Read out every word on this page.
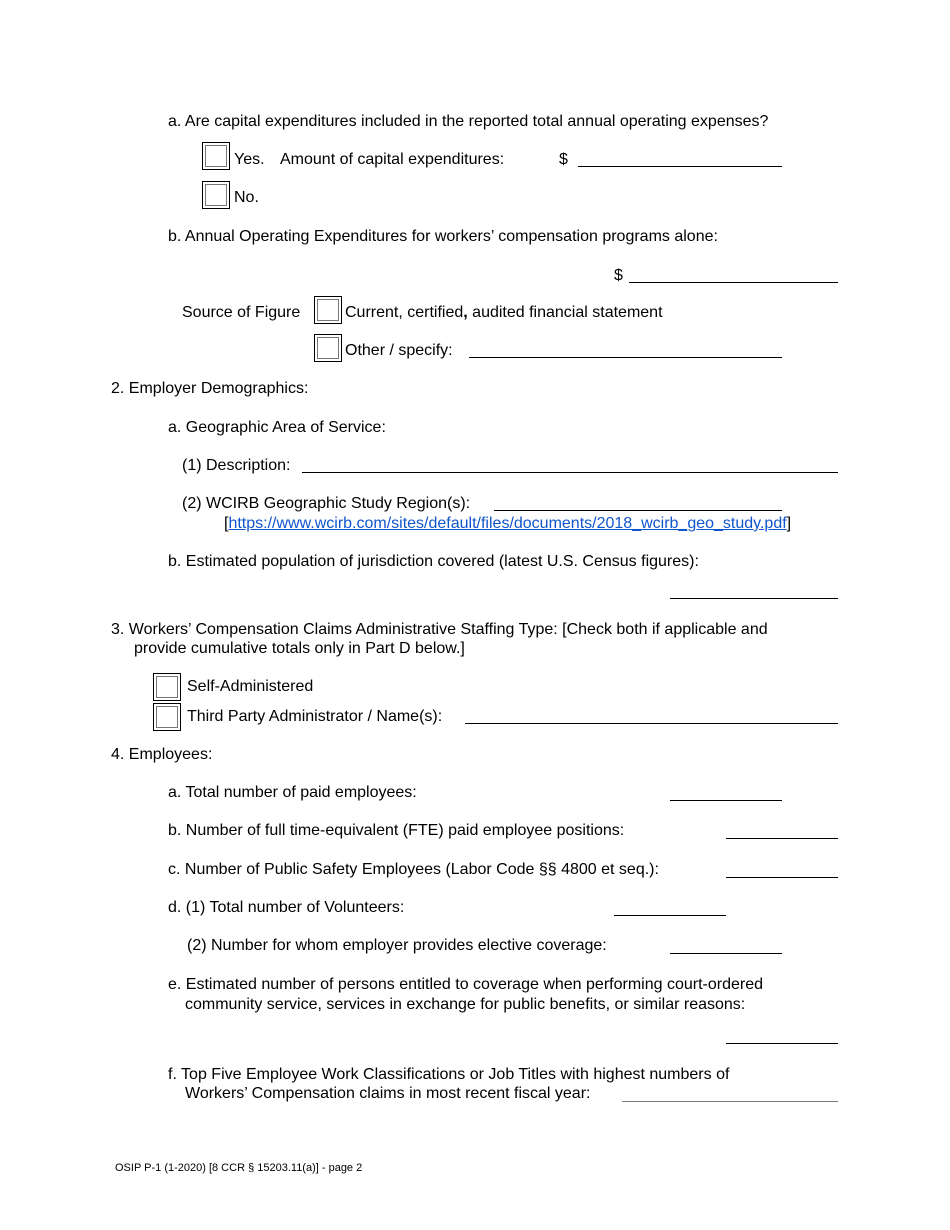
a. Are capital expenditures included in the reported total annual operating expenses?
Yes. Amount of capital expenditures:	$
No.
b. Annual Operating Expenditures for workers’ compensation programs alone:
$
Source of Figure	Current, certified, audited financial statement
Other / specify:
2. Employer Demographics:
a. Geographic Area of Service:
(1) Description:
(2) WCIRB Geographic Study Region(s):
[https://www.wcirb.com/sites/default/files/documents/2018_wcirb_geo_study.pdf]
b. Estimated population of jurisdiction covered (latest U.S. Census figures):
3. Workers’ Compensation Claims Administrative Staffing Type: [Check both if applicable and
provide cumulative totals only in Part D below.]
Self-Administered
Third Party Administrator / Name(s):
4. Employees:
a. Total number of paid employees:
b. Number of full time-equivalent (FTE) paid employee positions:
c. Number of Public Safety Employees (Labor Code §§ 4800 et seq.):
d. (1) Total number of Volunteers:
(2) Number for whom employer provides elective coverage:
e. Estimated number of persons entitled to coverage when performing court-ordered
community service, services in exchange for public benefits, or similar reasons:
f. Top Five Employee Work Classifications or Job Titles with highest numbers of
Workers’ Compensation claims in most recent fiscal year:
OSIP P-1 (1-2020) [8 CCR § 15203.11(a)] - page 2
